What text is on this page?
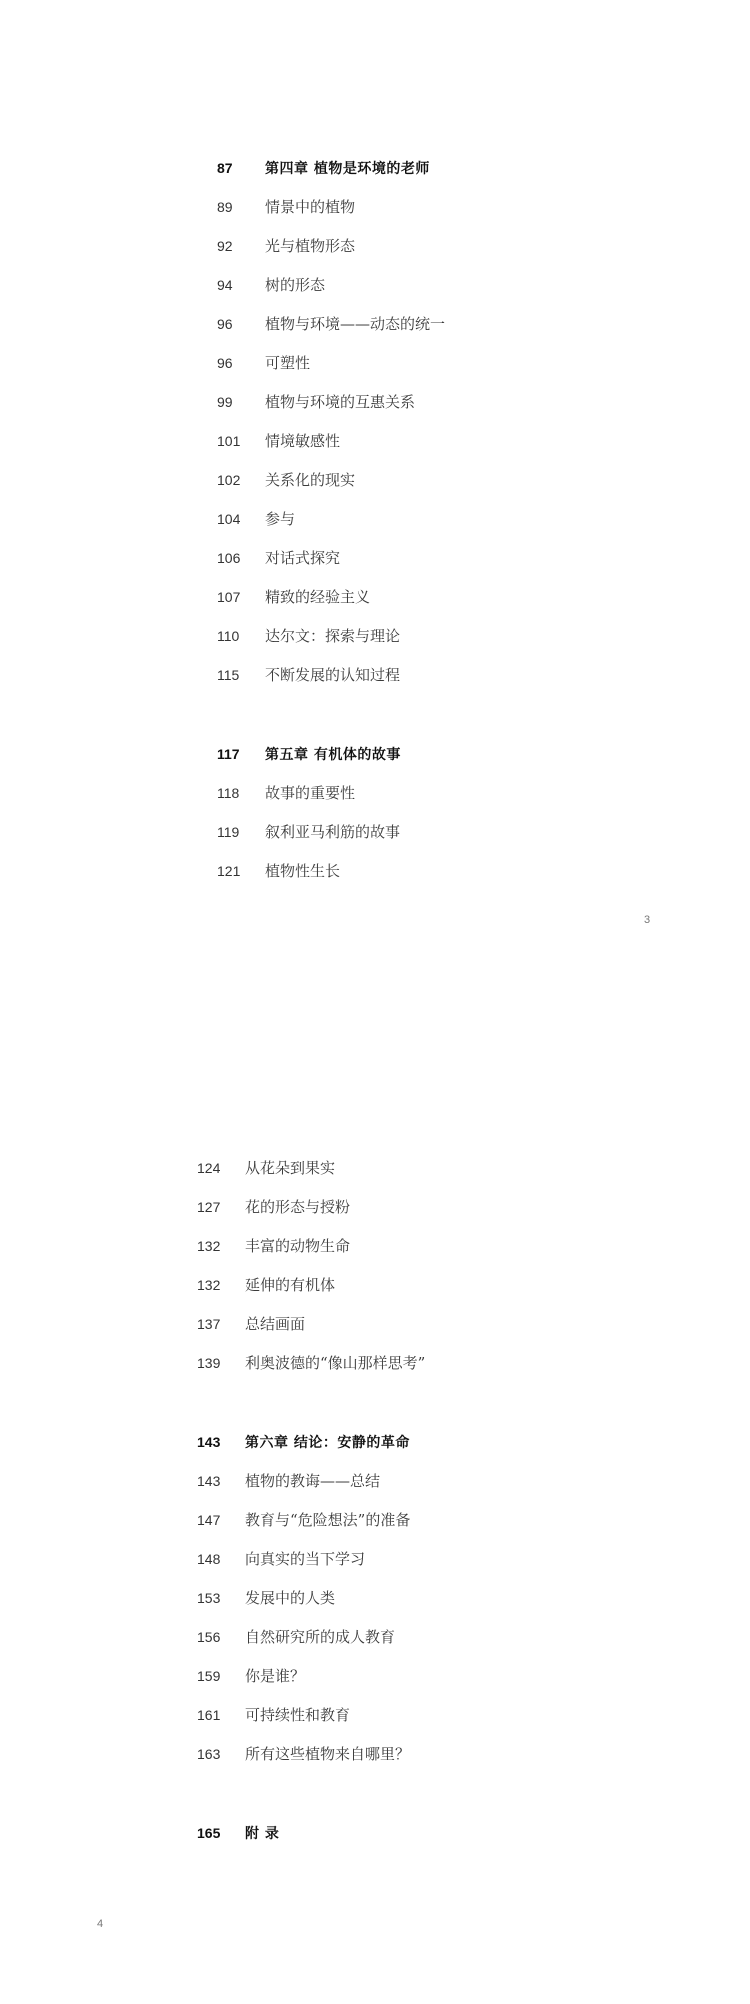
87	第四章 植物是环境的老师
89	情景中的植物
92	光与植物形态
94	树的形态
96	植物与环境——动态的统一
96	可塑性
99	植物与环境的互惠关系
101	情境敏感性
102	关系化的现实
104	参与
106	对话式探究
107	精致的经验主义
110	达尔文：探索与理论
115	不断发展的认知过程
117	第五章 有机体的故事
118	故事的重要性
119	叙利亚马利筋的故事
121	植物性生长
3
124	从花朵到果实
127	花的形态与授粉
132	丰富的动物生命
132	延伸的有机体
137	总结画面
139	利奥波德的“像山那样思考”
143	第六章 结论：安静的革命
143	植物的教诲——总结
147	教育与“危险想法”的准备
148	向真实的当下学习
153	发展中的人类
156	自然研究所的成人教育
159	你是谁？
161	可持续性和教育
163	所有这些植物来自哪里？
165	附 录
4
